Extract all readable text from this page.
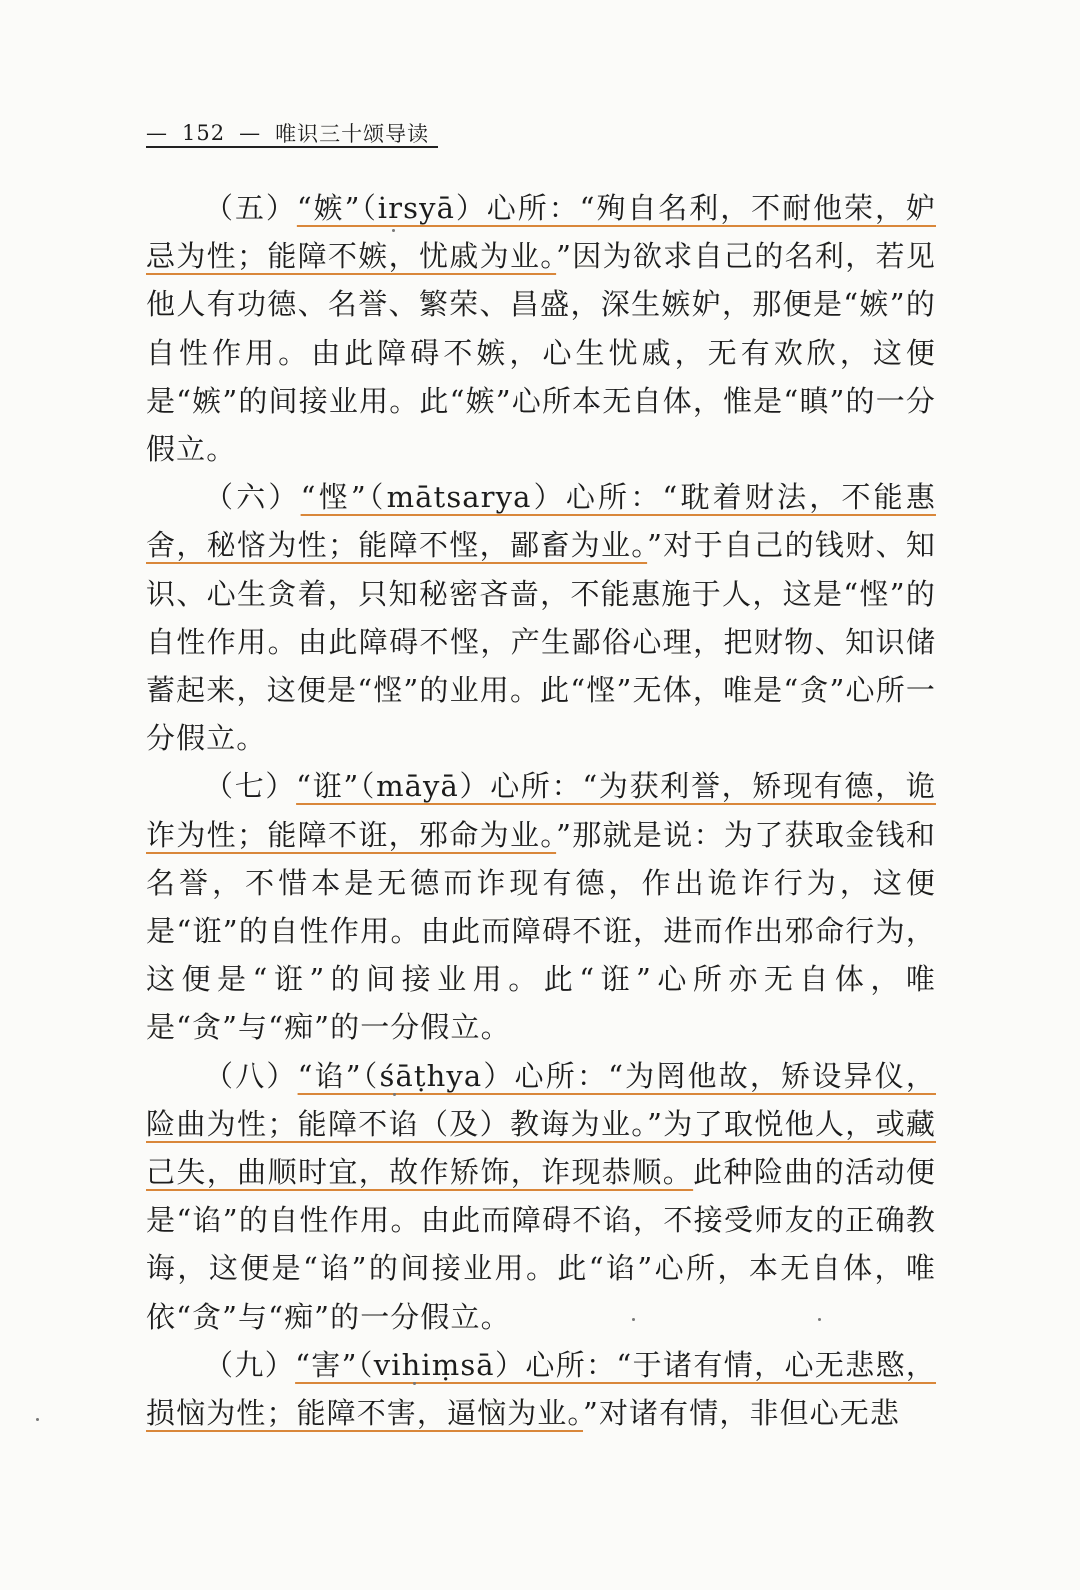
— 152 — 唯识三十颂导读

（五）“嫉”（irsyā）心所：“殉自名利，不耐他荣，妒忌为性；能障不嫉，忧戚为业。”因为欲求自己的名利，若见他人有功德、名誉、繁荣、昌盛，深生嫉妒，那便是“嫉”的自性作用。由此障碍不嫉，心生忧戚，无有欢欣，这便是“嫉”的间接业用。此“嫉”心所本无自体，惟是“瞋”的一分假立。

（六）“悭”（mātsarya）心所：“耽着财法，不能惠舍，秘悋为性；能障不悭，鄙畜为业。”对于自己的钱财、知识、心生贪着，只知秘密吝啬，不能惠施于人，这是“悭”的自性作用。由此障碍不悭，产生鄙俗心理，把财物、知识储蓄起来，这便是“悭”的业用。此“悭”无体，唯是“贪”心所一分假立。

（七）“诳”（māyā）心所：“为获利誉，矫现有德，诡诈为性；能障不诳，邪命为业。”那就是说：为了获取金钱和名誉，不惜本是无德而诈现有德，作出诡诈行为，这便是“诳”的自性作用。由此而障碍不诳，进而作出邪命行为，这便是“诳”的间接业用。此“诳”心所亦无自体，唯是“贪”与“痴”的一分假立。

（八）“谄”（śāṭhya）心所：“为罔他故，矫设异仪，险曲为性；能障不谄（及）教诲为业。”为了取悦他人，或藏己失，曲顺时宜，故作矫饰，诈现恭顺。此种险曲的活动便是“谄”的自性作用。由此而障碍不谄，不接受师友的正确教诲，这便是“谄”的间接业用。此“谄”心所，本无自体，唯依“贪”与“痴”的一分假立。

（九）“害”（vihiṃsā）心所：“于诸有情，心无悲愍，损恼为性；能障不害，逼恼为业。”对诸有情，非但心无悲
